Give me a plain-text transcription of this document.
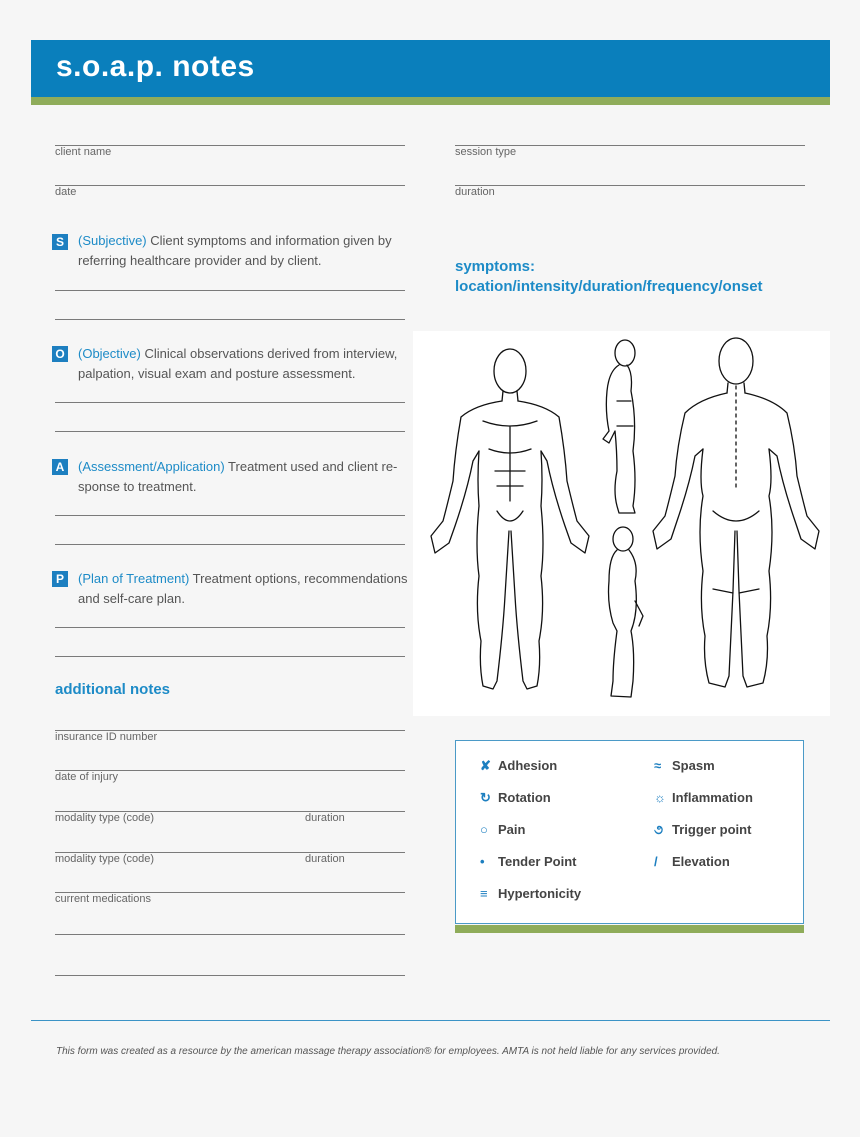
s.o.a.p. notes
client name	session type
date	duration
S	(Subjective) Client symptoms and information given by referring healthcare provider and by client.
O (Objective) Clinical observations derived from interview, palpation, visual exam and posture assessment.
A (Assessment/Application) Treatment used and client re-sponse to treatment.
P	(Plan of Treatment) Treatment options, recommendations and self-care plan.
symptoms:
location/intensity/duration/frequency/onset
additional notes
insurance ID number
date of injury
modality type (code)	duration
modality type (code)	duration
current medications
✘ Adhesion	≈ Spasm
↻ Rotation	☼ Inflammation
○ Pain	૭ Trigger point
• Tender Point	/ Elevation
≡ Hypertonicity
This form was created as a resource by the american massage therapy association® for employees. AMTA is not held liable for any services provided.
